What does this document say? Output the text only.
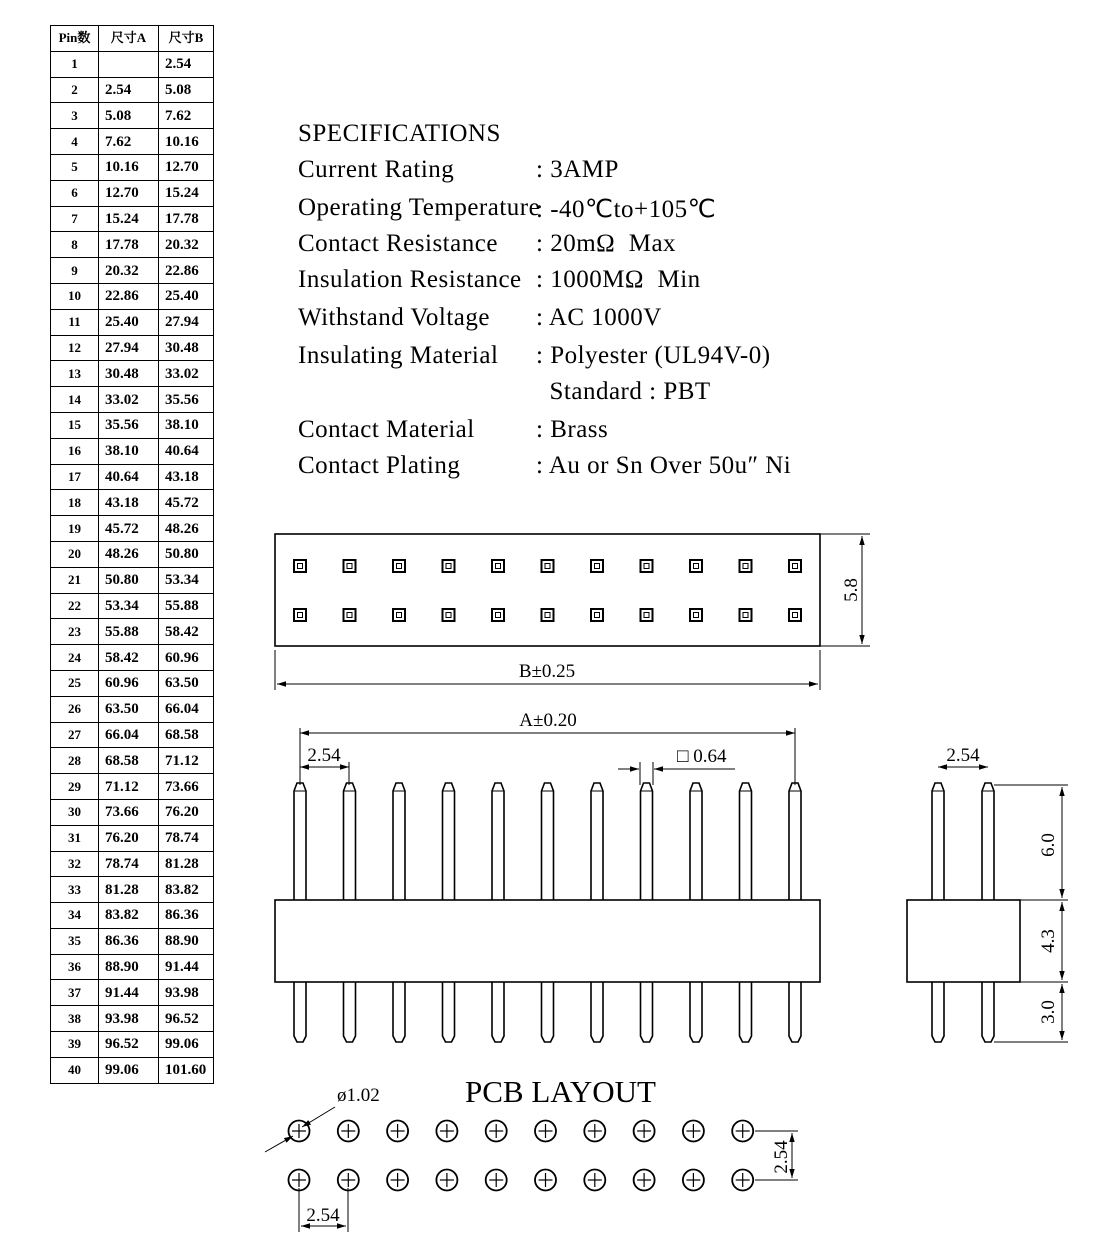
Pin数	尺寸A	尺寸B
1		2.54
2	2.54	5.08
3	5.08	7.62
4	7.62	10.16
5	10.16	12.70
6	12.70	15.24
7	15.24	17.78
8	17.78	20.32
9	20.32	22.86
10	22.86	25.40
11	25.40	27.94
12	27.94	30.48
13	30.48	33.02
14	33.02	35.56
15	35.56	38.10
16	38.10	40.64
17	40.64	43.18
18	43.18	45.72
19	45.72	48.26
20	48.26	50.80
21	50.80	53.34
22	53.34	55.88
23	55.88	58.42
24	58.42	60.96
25	60.96	63.50
26	63.50	66.04
27	66.04	68.58
28	68.58	71.12
29	71.12	73.66
30	73.66	76.20
31	76.20	78.74
32	78.74	81.28
33	81.28	83.82
34	83.82	86.36
35	86.36	88.90
36	88.90	91.44
37	91.44	93.98
38	93.98	96.52
39	96.52	99.06
40	99.06	101.60
SPECIFICATIONS
Current Rating	: 3AMP
Operating Temperature
: -40℃to+105℃
Contact Resistance : 20mΩ  Max
Insulation Resistance : 1000MΩ  Min
Withstand Voltage : AC 1000V
Insulating Material : Polyester (UL94V-0)
Standard : PBT
Contact Material : Brass
Contact Plating	: Au or Sn Over 50u″ Ni
5.8
B±0.25
A±0.20
2.54	□ 0.64	2.54
6.0
4.3
3.0
PCB LAYOUT
ø1.02
2.54
2.54
